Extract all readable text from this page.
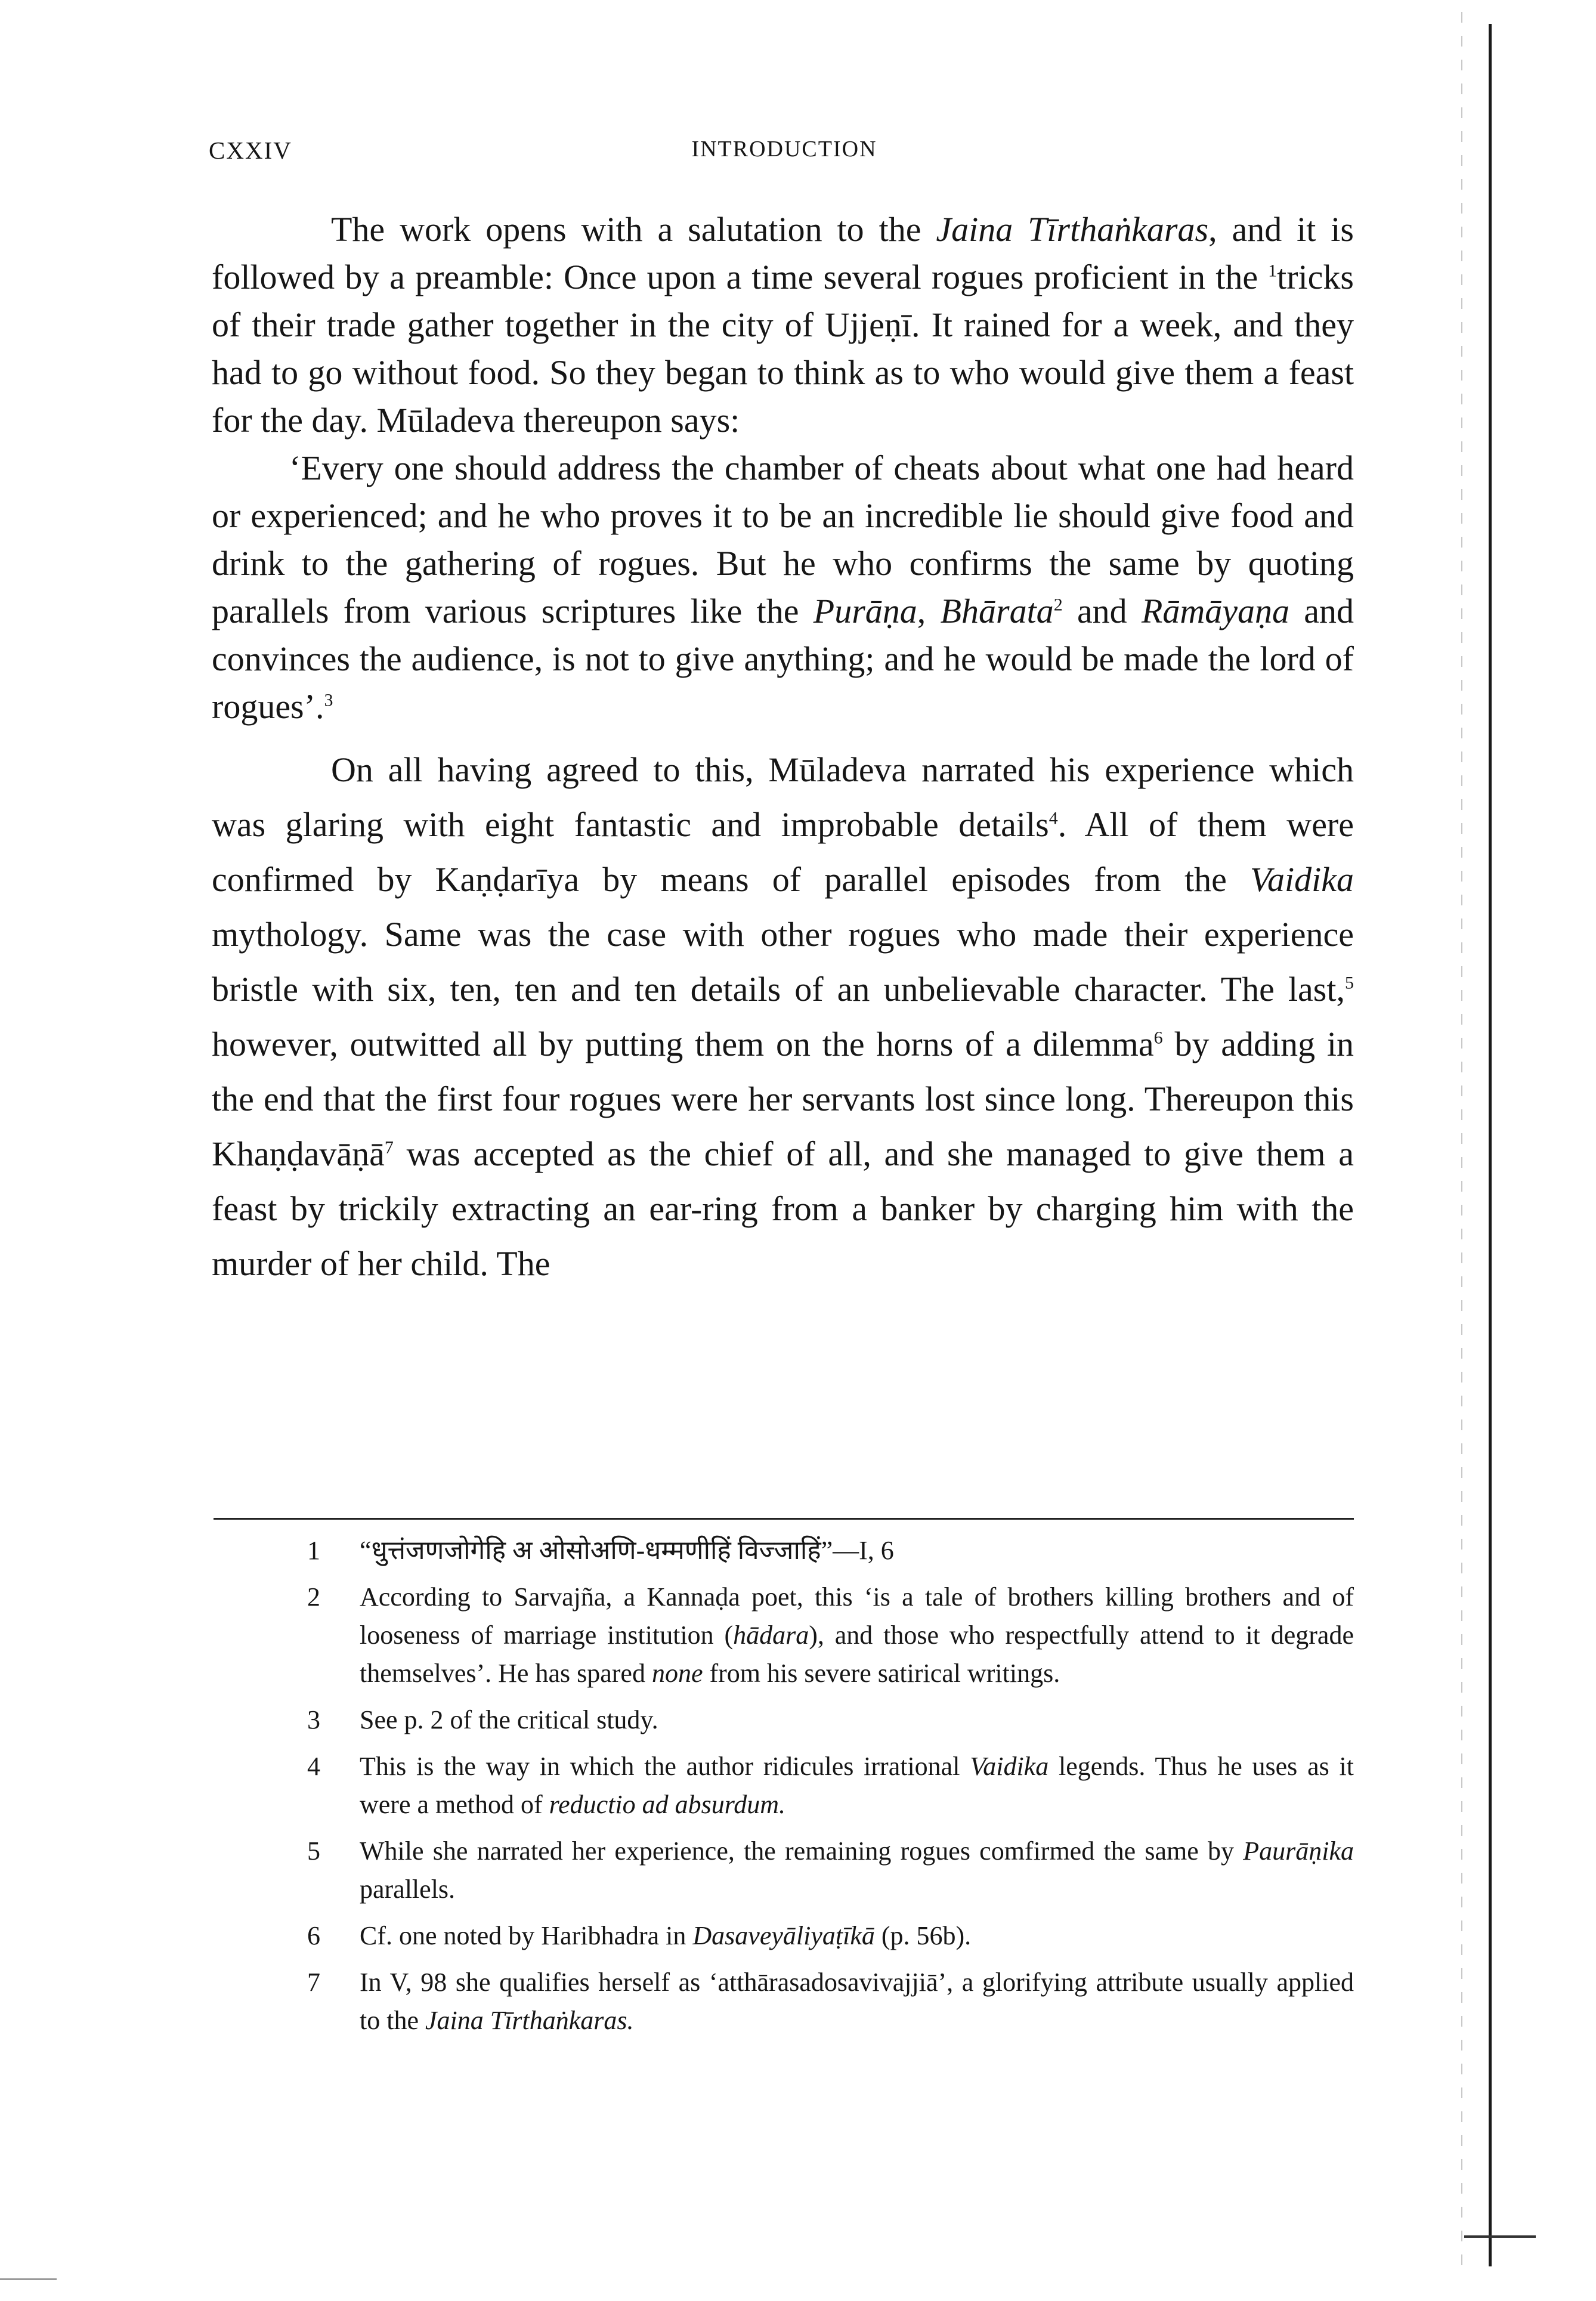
CXXIV	INTRODUCTION

The work opens with a salutation to the Jaina Tīrthaṅkaras, and it is followed by a preamble: Once upon a time several rogues proficient in the $^1$tricks of their trade gather together in the city of Ujjeṇī. It rained for a week, and they had to go without food. So they began to think as to who would give them a feast for the day. Mūladeva thereupon says:

‘Every one should address the chamber of cheats about what one had heard or experienced; and he who proves it to be an incredible lie should give food and drink to the gathering of rogues. But he who confirms the same by quoting parallels from various scriptures like the Purāṇa, Bhārata$^2$ and Rāmāyaṇa and convinces the audience, is not to give anything; and he would be made the lord of rogues’.$^3$

On all having agreed to this, Mūladeva narrated his experience which was glaring with eight fantastic and improbable details$^4$. All of them were confirmed by Kaṇḍarīya by means of parallel episodes from the Vaidika mythology. Same was the case with other rogues who made their experience bristle with six, ten, ten and ten details of an unbelievable character. The last,$^5$ however, outwitted all by putting them on the horns of a dilemma$^6$ by adding in the end that the first four rogues were her servants lost since long. Thereupon this Khaṇḍavāṇā$^7$ was accepted as the chief of all, and she managed to give them a feast by trickily extracting an ear-ring from a banker by charging him with the murder of her child. The

1	“धुत्तंजणजोगेहि अ ओसोअणि-धम्मणीहिं विज्जाहिं”—I, 6
2	According to Sarvajña, a Kannaḍa poet, this ‘is a tale of brothers killing brothers and of looseness of marriage institution (hādara), and those who respectfully attend to it degrade themselves’. He has spared none from his severe satirical writings.
3	See p. 2 of the critical study.
4	This is the way in which the author ridicules irrational Vaidika legends. Thus he uses as it were a method of reductio ad absurdum.
5	While she narrated her experience, the remaining rogues comfirmed the same by Paurāṇika parallels.
6	Cf. one noted by Haribhadra in Dasaveyāliyaṭīkā (p. 56b).
7	In V, 98 she qualifies herself as ‘atthārasadosavivajjiā’, a glorifying attribute usually applied to the Jaina Tīrthaṅkaras.
